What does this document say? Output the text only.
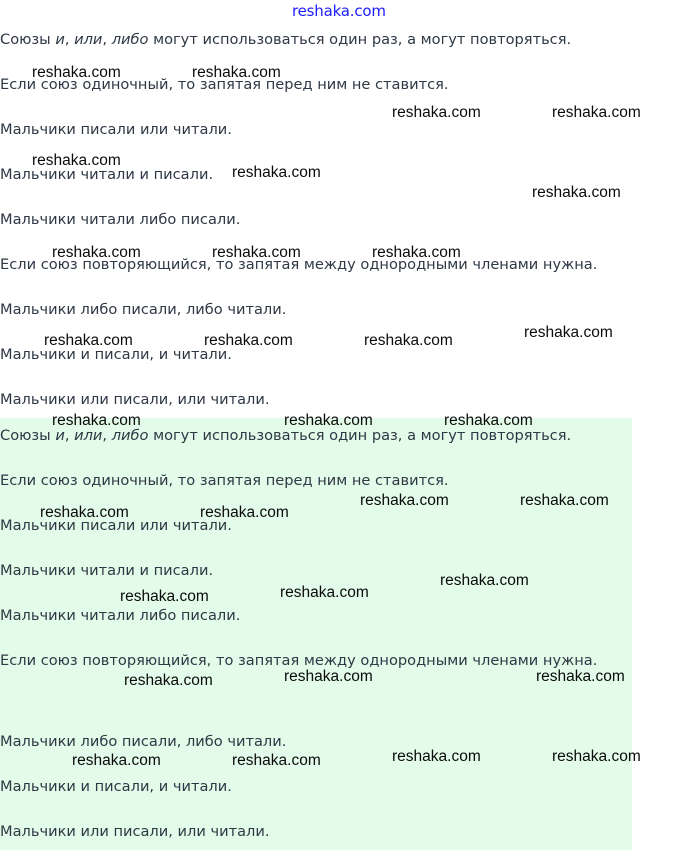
reshaka.com
Союзы и, или, либо могут использоваться один раз, а могут повторяться.
Если союз одиночный, то запятая перед ним не ставится.
Мальчики писали или читали.
Мальчики читали и писали.
Мальчики читали либо писали.
Если союз повторяющийся, то запятая между однородными членами нужна.
Мальчики либо писали, либо читали.
Мальчики и писали, и читали.
Мальчики или писали, или читали.
Союзы и, или, либо могут использоваться один раз, а могут повторяться.
Если союз одиночный, то запятая перед ним не ставится.
Мальчики писали или читали.
Мальчики читали и писали.
Мальчики читали либо писали.
Если союз повторяющийся, то запятая между однородными членами нужна.
Мальчики либо писали, либо читали.
Мальчики и писали, и читали.
Мальчики или писали, или читали.
reshaka.com	reshaka.com
reshaka.com	reshaka.com
reshaka.com
reshaka.com
reshaka.com
reshaka.com	reshaka.com	reshaka.com
reshaka.com
reshaka.com	reshaka.com	reshaka.com
reshaka.com	reshaka.com	reshaka.com
reshaka.com	reshaka.com
reshaka.com	reshaka.com
reshaka.com
reshaka.com
reshaka.com
reshaka.com	reshaka.com
reshaka.com
reshaka.com	reshaka.com
reshaka.com	reshaka.com
